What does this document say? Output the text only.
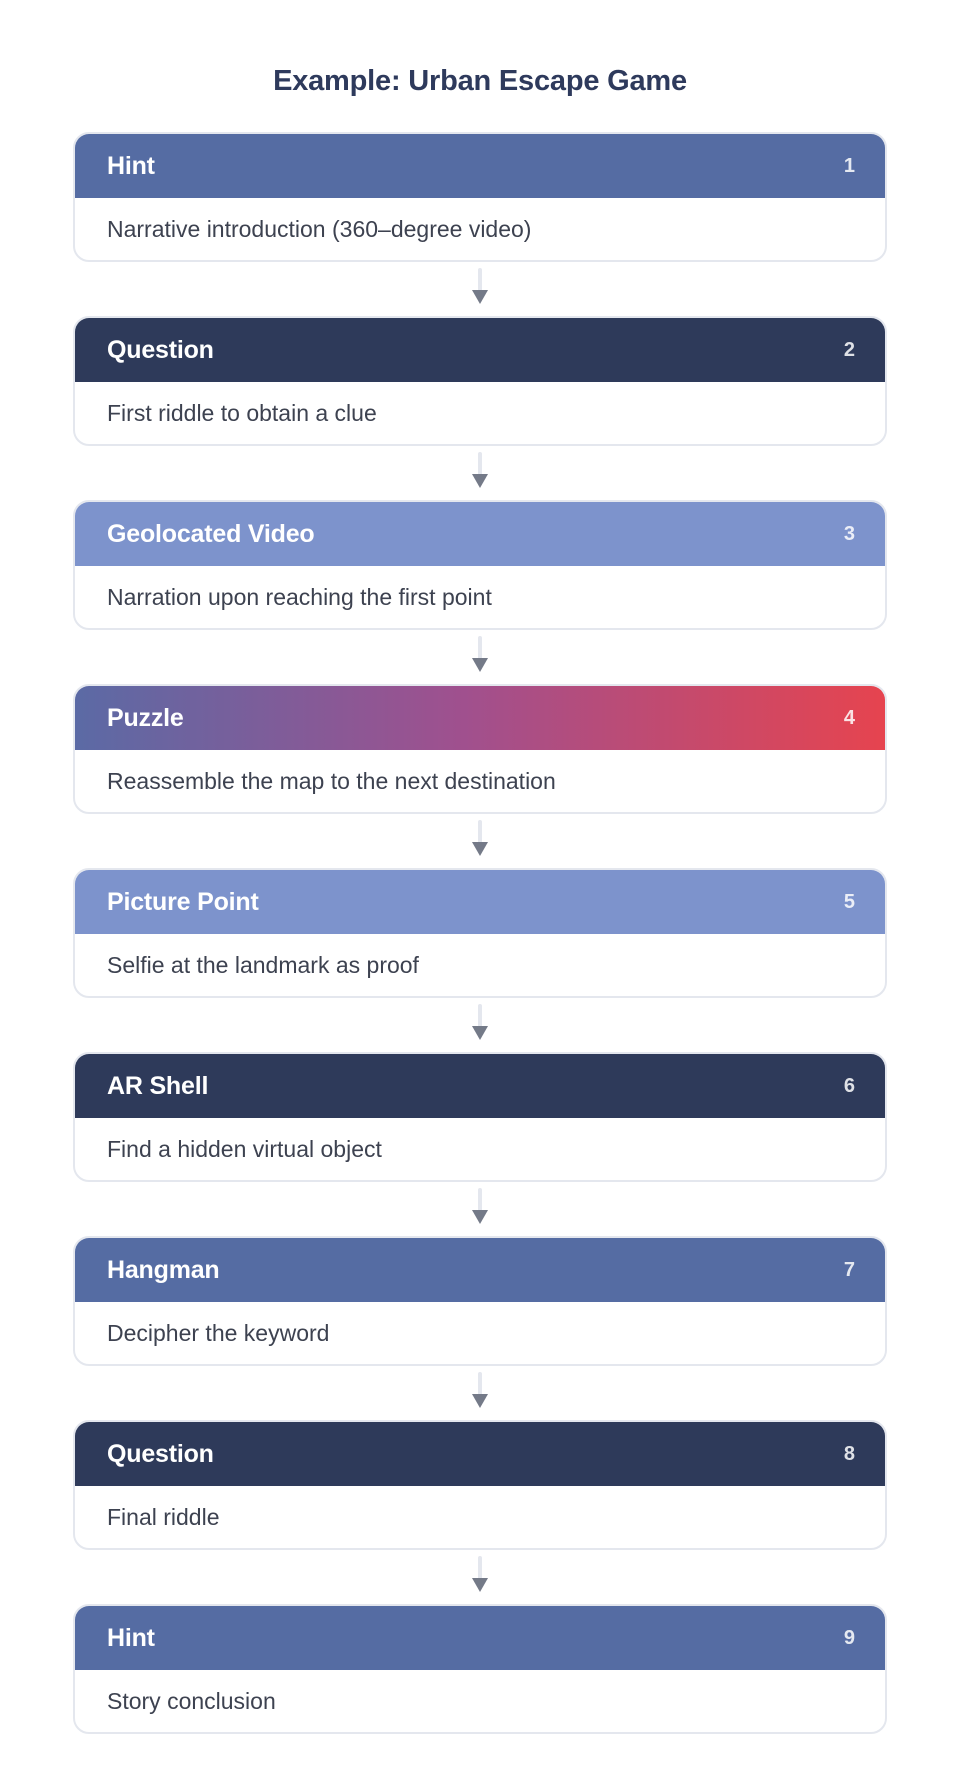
Example: Urban Escape Game
Hint	1
Narrative introduction (360–degree video)
Question	2
First riddle to obtain a clue
Geolocated Video	3
Narration upon reaching the first point
Puzzle	4
Reassemble the map to the next destination
Picture Point	5
Selfie at the landmark as proof
AR Shell	6
Find a hidden virtual object
Hangman	7
Decipher the keyword
Question	8
Final riddle
Hint	9
Story conclusion
